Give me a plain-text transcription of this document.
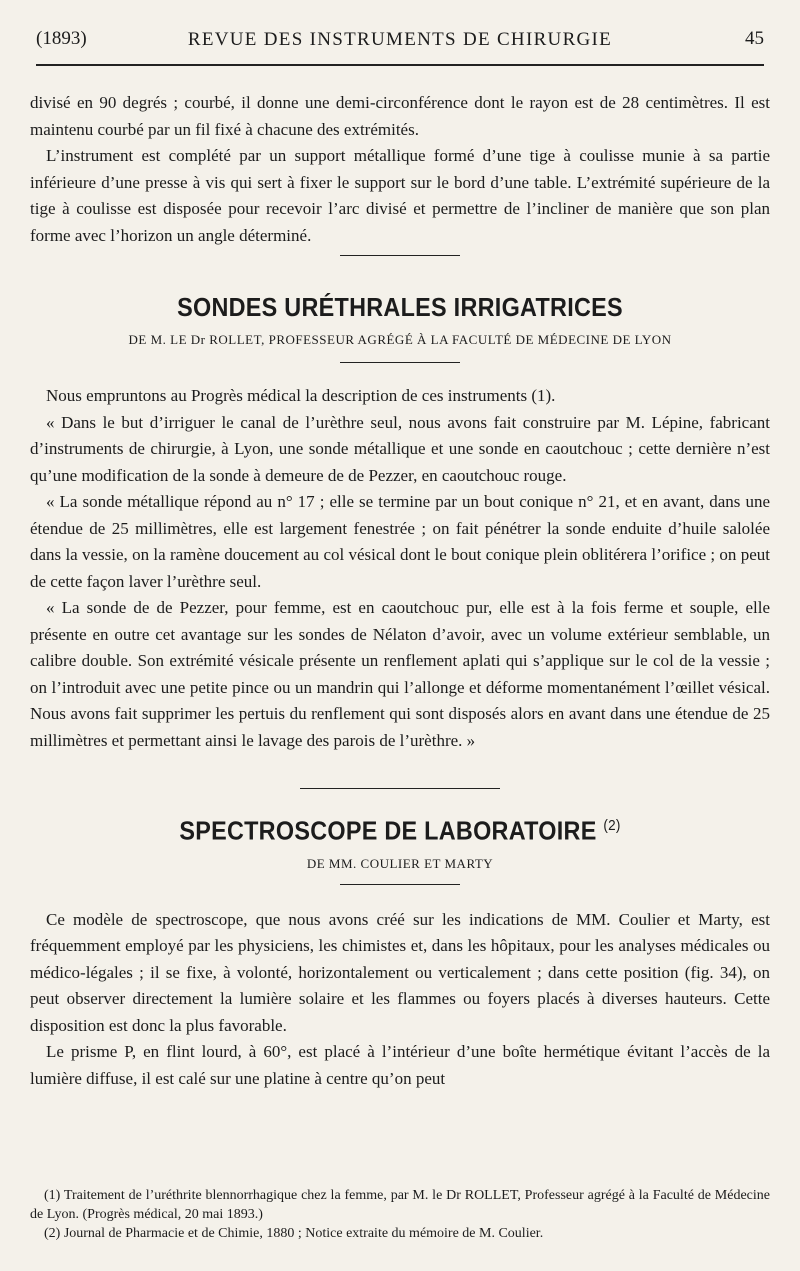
(1893)	REVUE DES INSTRUMENTS DE CHIRURGIE	45

divisé en 90 degrés ; courbé, il donne une demi-circonférence dont le rayon est de 28 centimètres. Il est maintenu courbé par un fil fixé à chacune des extrémités.

L’instrument est complété par un support métallique formé d’une tige à coulisse munie à sa partie inférieure d’une presse à vis qui sert à fixer le support sur le bord d’une table. L’extrémité supérieure de la tige à coulisse est disposée pour recevoir l’arc divisé et permettre de l’incliner de manière que son plan forme avec l’horizon un angle déterminé.

SONDES URÉTHRALES IRRIGATRICES
DE M. LE Dr ROLLET, PROFESSEUR AGRÉGÉ À LA FACULTÉ DE MÉDECINE DE LYON

Nous empruntons au Progrès médical la description de ces instruments (1).

« Dans le but d’irriguer le canal de l’urèthre seul, nous avons fait construire par M. Lépine, fabricant d’instruments de chirurgie, à Lyon, une sonde métallique et une sonde en caoutchouc ; cette dernière n’est qu’une modification de la sonde à demeure de de Pezzer, en caoutchouc rouge.

« La sonde métallique répond au n° 17 ; elle se termine par un bout conique n° 21, et en avant, dans une étendue de 25 millimètres, elle est largement fenestrée ; on fait pénétrer la sonde enduite d’huile salolée dans la vessie, on la ramène doucement au col vésical dont le bout conique plein oblitérera l’orifice ; on peut de cette façon laver l’urèthre seul.

« La sonde de de Pezzer, pour femme, est en caoutchouc pur, elle est à la fois ferme et souple, elle présente en outre cet avantage sur les sondes de Nélaton d’avoir, avec un volume extérieur semblable, un calibre double. Son extrémité vésicale présente un renflement aplati qui s’applique sur le col de la vessie ; on l’introduit avec une petite pince ou un mandrin qui l’allonge et déforme momentanément l’œillet vésical. Nous avons fait supprimer les pertuis du renflement qui sont disposés alors en avant dans une étendue de 25 millimètres et permettant ainsi le lavage des parois de l’urèthre. »

SPECTROSCOPE DE LABORATOIRE $^{(2)}$
DE MM. COULIER ET MARTY

Ce modèle de spectroscope, que nous avons créé sur les indications de MM. Coulier et Marty, est fréquemment employé par les physiciens, les chimistes et, dans les hôpitaux, pour les analyses médicales ou médico-légales ; il se fixe, à volonté, horizontalement ou verticalement ; dans cette position (fig. 34), on peut observer directement la lumière solaire et les flammes ou foyers placés à diverses hauteurs. Cette disposition est donc la plus favorable.

Le prisme P, en flint lourd, à 60°, est placé à l’intérieur d’une boîte hermétique évitant l’accès de la lumière diffuse, il est calé sur une platine à centre qu’on peut

(1) Traitement de l’uréthrite blennorrhagique chez la femme, par M. le Dr ROLLET, Professeur agrégé à la Faculté de Médecine de Lyon. (Progrès médical, 20 mai 1893.)

(2) Journal de Pharmacie et de Chimie, 1880 ; Notice extraite du mémoire de M. Coulier.
